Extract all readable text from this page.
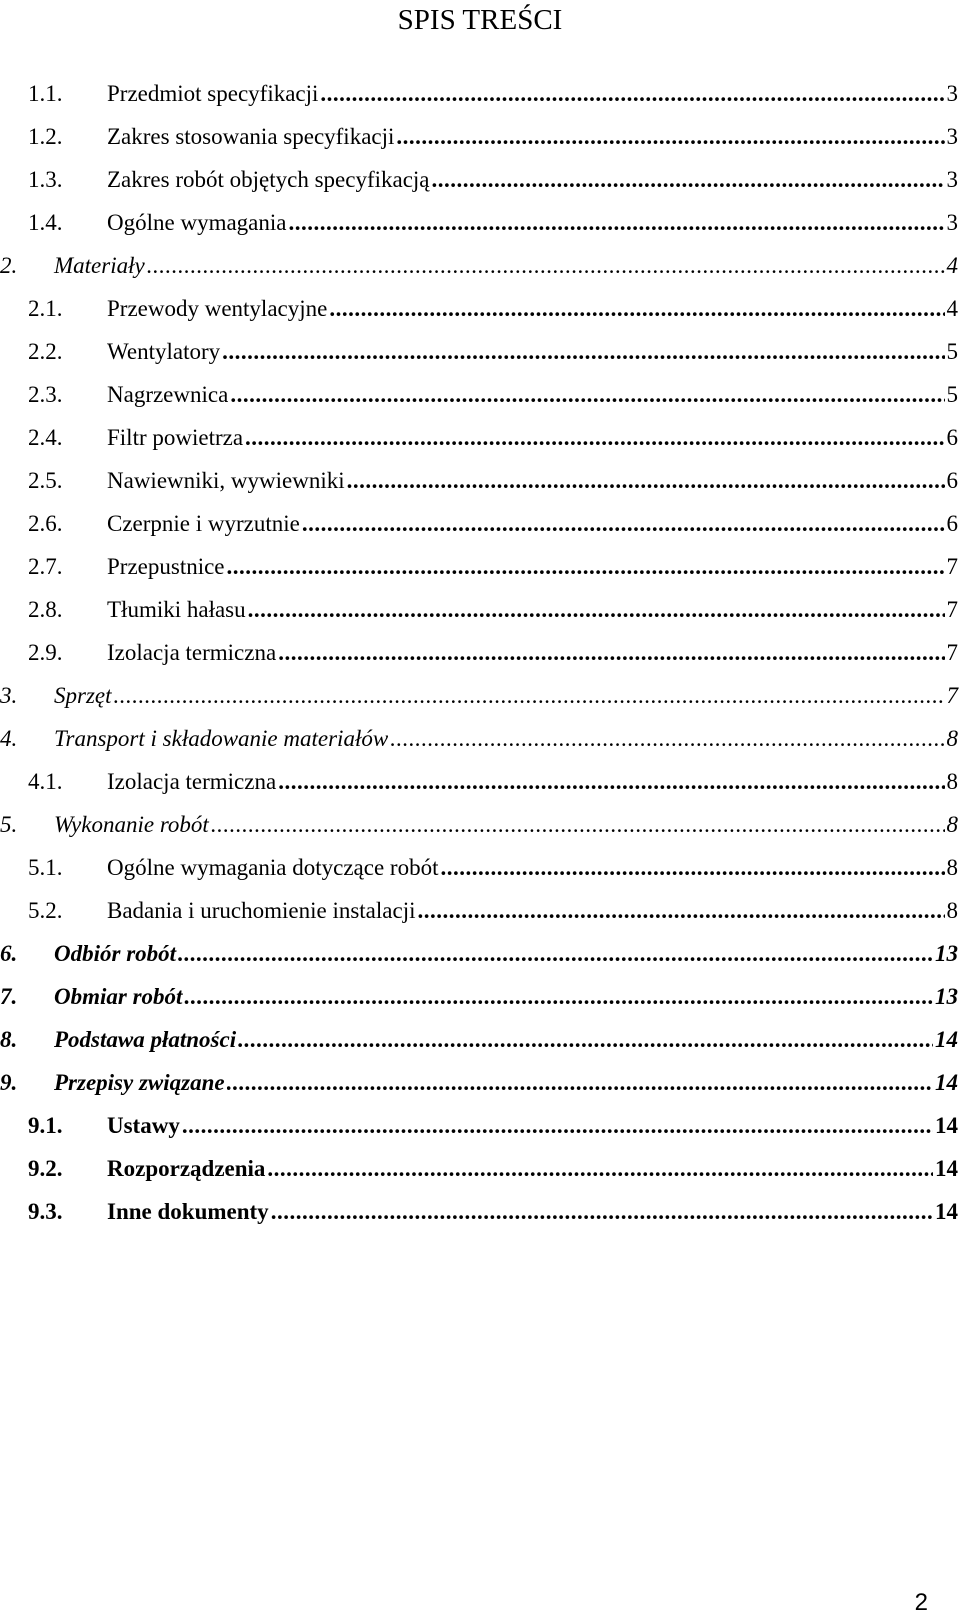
SPIS TREŚCI
1.1.	Przedmiot specyfikacji .....	3
1.2.	Zakres stosowania specyfikacji .....	3
1.3.	Zakres robót objętych specyfikacją .....	3
1.4.	Ogólne wymagania .....	3
2.	Materiały .....	4
2.1.	Przewody wentylacyjne .....	4
2.2.	Wentylatory .....	5
2.3.	Nagrzewnica .....	5
2.4.	Filtr powietrza .....	6
2.5.	Nawiewniki, wywiewniki .....	6
2.6.	Czerpnie i wyrzutnie .....	6
2.7.	Przepustnice .....	7
2.8.	Tłumiki hałasu .....	7
2.9.	Izolacja termiczna .....	7
3.	Sprzęt .....	7
4.	Transport i składowanie materiałów .....	8
4.1.	Izolacja termiczna .....	8
5.	Wykonanie robót .....	8
5.1.	Ogólne wymagania dotyczące robót .....	8
5.2.	Badania i uruchomienie instalacji .....	8
6.	Odbiór robót .....	13
7.	Obmiar robót .....	13
8.	Podstawa płatności .....	14
9.	Przepisy związane .....	14
9.1.	Ustawy .....	14
9.2.	Rozporządzenia .....	14
9.3.	Inne dokumenty .....	14
2
